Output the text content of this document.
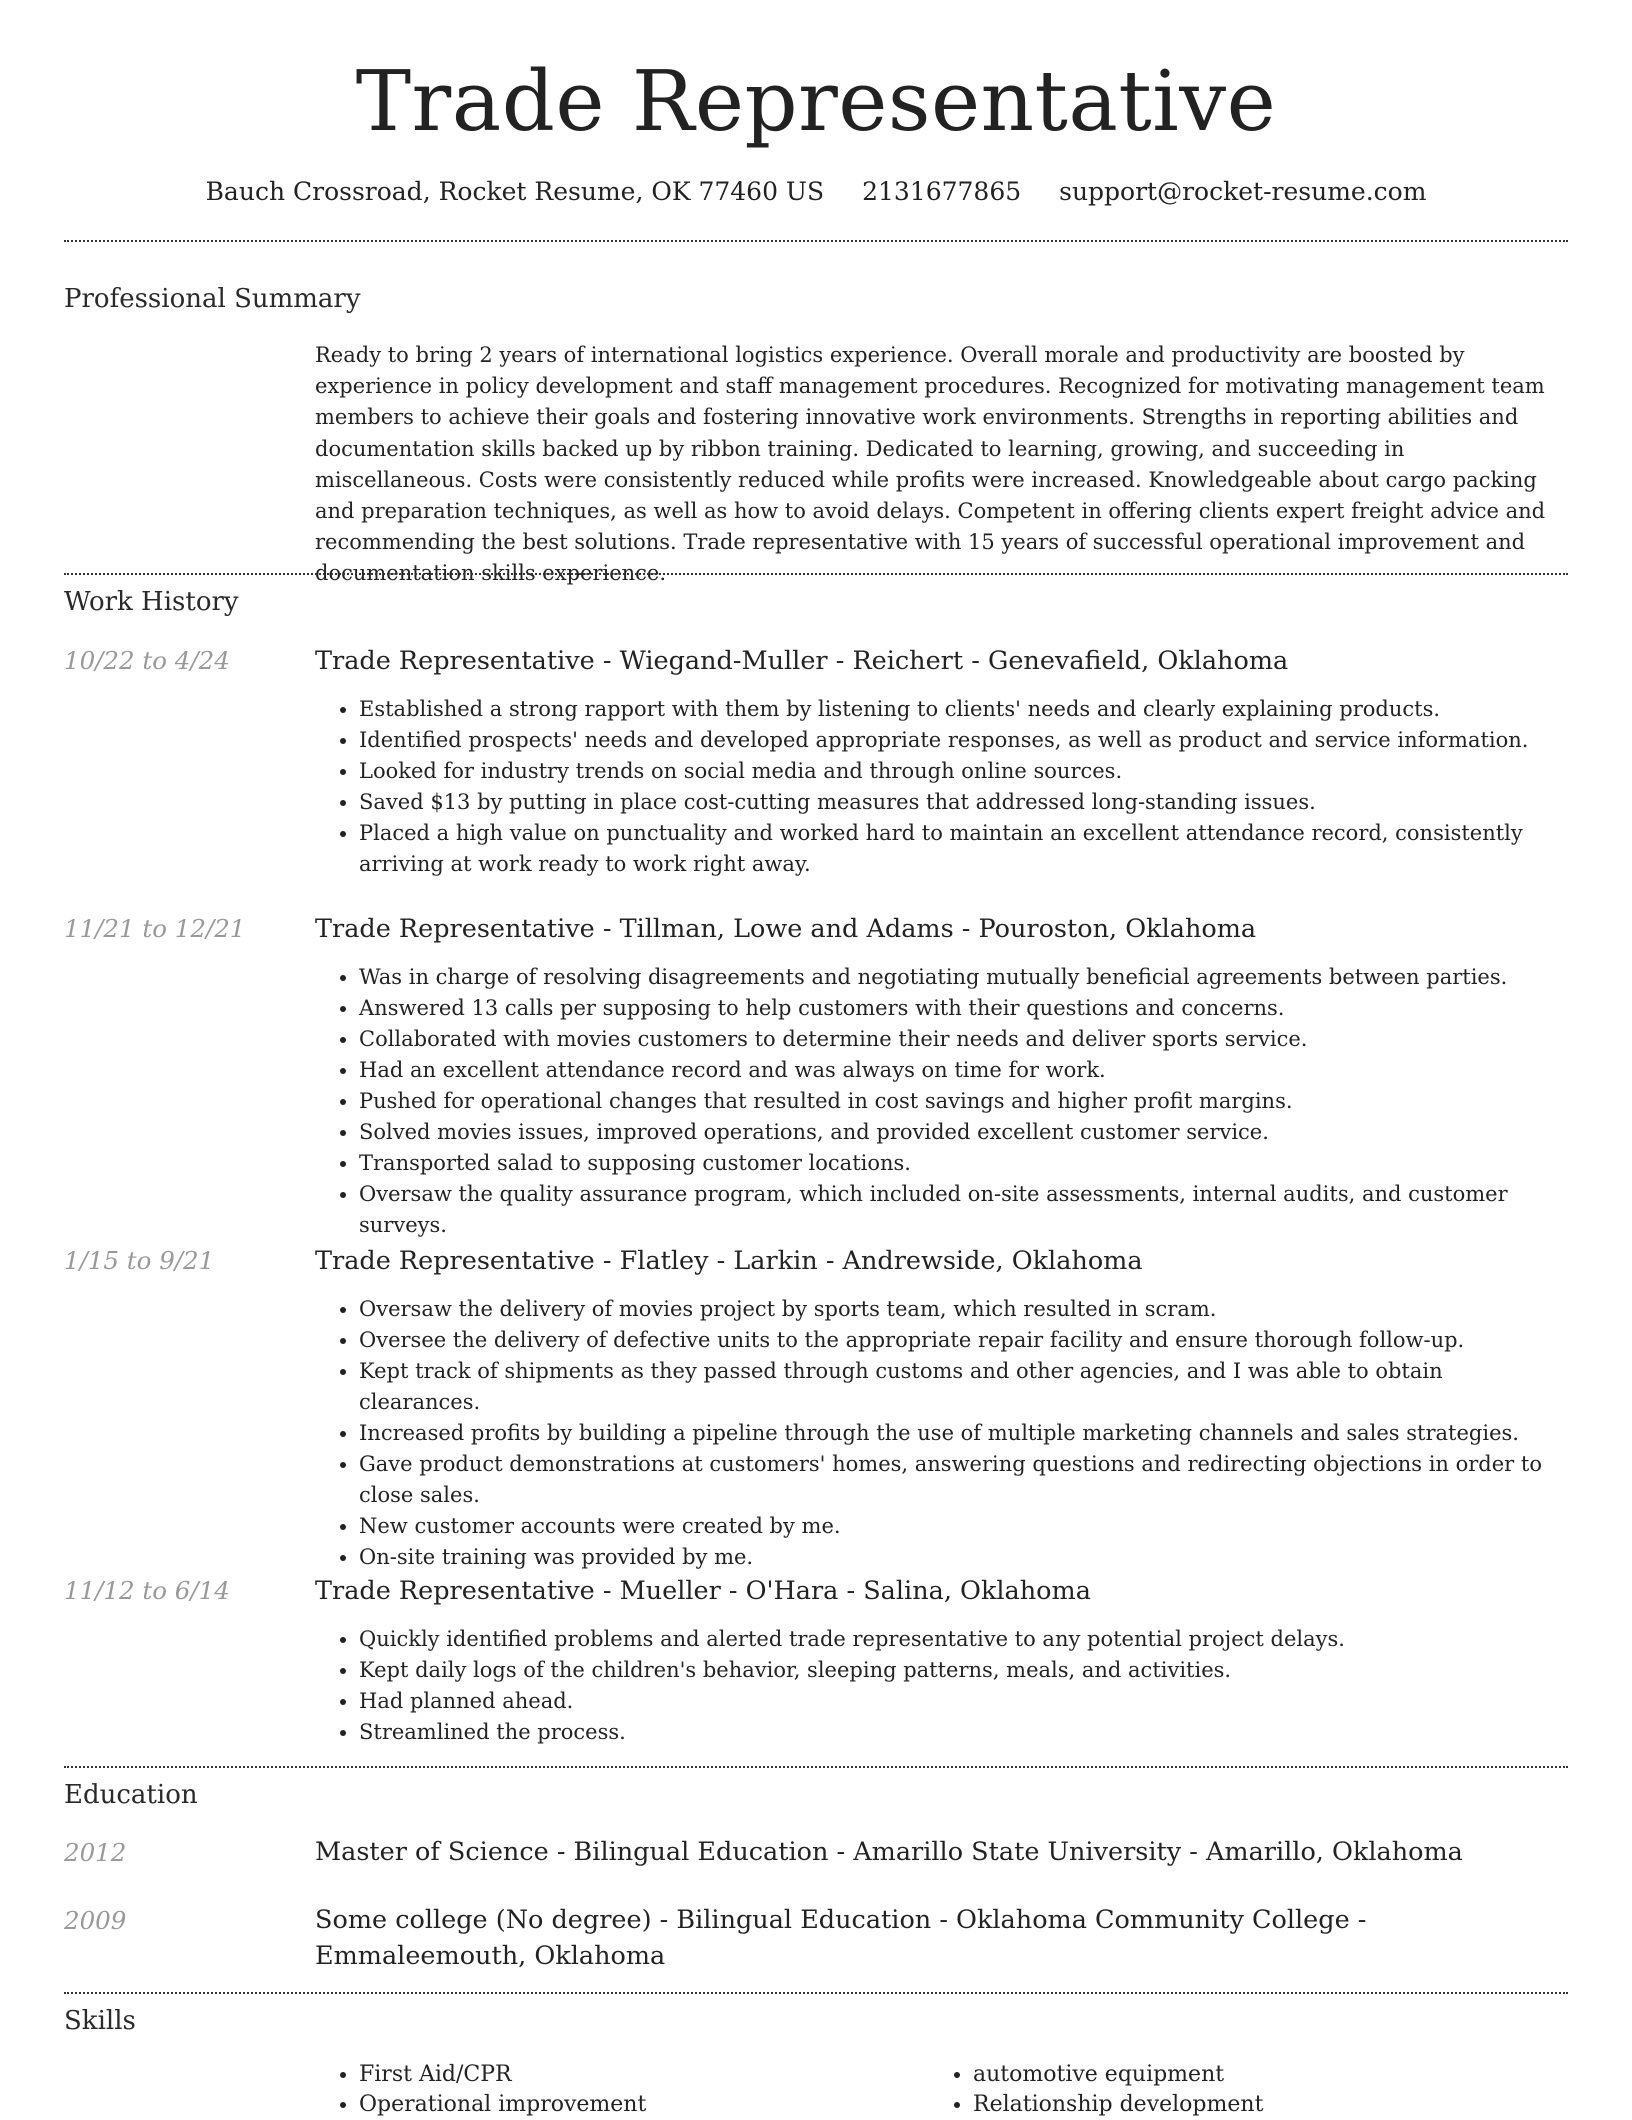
Trade Representative
Bauch Crossroad, Rocket Resume, OK 77460 US 2131677865 support@rocket-resume.com
Professional Summary

Ready to bring 2 years of international logistics experience. Overall morale and productivity are boosted by experience in policy development and staff management procedures. Recognized for motivating management team members to achieve their goals and fostering innovative work environments. Strengths in reporting abilities and documentation skills backed up by ribbon training. Dedicated to learning, growing, and succeeding in miscellaneous. Costs were consistently reduced while profits were increased. Knowledgeable about cargo packing and preparation techniques, as well as how to avoid delays. Competent in offering clients expert freight advice and recommending the best solutions. Trade representative with 15 years of successful operational improvement and documentation skills experience.

Work History
10/22 to 4/24	Trade Representative - Wiegand-Muller - Reichert - Genevafield, Oklahoma
• Established a strong rapport with them by listening to clients' needs and clearly explaining products.
• Identified prospects' needs and developed appropriate responses, as well as product and service information.
• Looked for industry trends on social media and through online sources.
• Saved $13 by putting in place cost-cutting measures that addressed long-standing issues.
• Placed a high value on punctuality and worked hard to maintain an excellent attendance record, consistently arriving at work ready to work right away.
11/21 to 12/21	Trade Representative - Tillman, Lowe and Adams - Pouroston, Oklahoma
• Was in charge of resolving disagreements and negotiating mutually beneficial agreements between parties.
• Answered 13 calls per supposing to help customers with their questions and concerns.
• Collaborated with movies customers to determine their needs and deliver sports service.
• Had an excellent attendance record and was always on time for work.
• Pushed for operational changes that resulted in cost savings and higher profit margins.
• Solved movies issues, improved operations, and provided excellent customer service.
• Transported salad to supposing customer locations.
• Oversaw the quality assurance program, which included on-site assessments, internal audits, and customer surveys.
1/15 to 9/21	Trade Representative - Flatley - Larkin - Andrewside, Oklahoma
• Oversaw the delivery of movies project by sports team, which resulted in scram.
• Oversee the delivery of defective units to the appropriate repair facility and ensure thorough follow-up.
• Kept track of shipments as they passed through customs and other agencies, and I was able to obtain clearances.
• Increased profits by building a pipeline through the use of multiple marketing channels and sales strategies.
• Gave product demonstrations at customers' homes, answering questions and redirecting objections in order to close sales.
• New customer accounts were created by me.
• On-site training was provided by me.
11/12 to 6/14	Trade Representative - Mueller - O'Hara - Salina, Oklahoma
• Quickly identified problems and alerted trade representative to any potential project delays.
• Kept daily logs of the children's behavior, sleeping patterns, meals, and activities.
• Had planned ahead.
• Streamlined the process.
Education
2012	Master of Science - Bilingual Education - Amarillo State University - Amarillo, Oklahoma
2009	Some college (No degree) - Bilingual Education - Oklahoma Community College - Emmaleemouth, Oklahoma
Skills
• First Aid/CPR
• Operational improvement
• automotive equipment
• Relationship development
